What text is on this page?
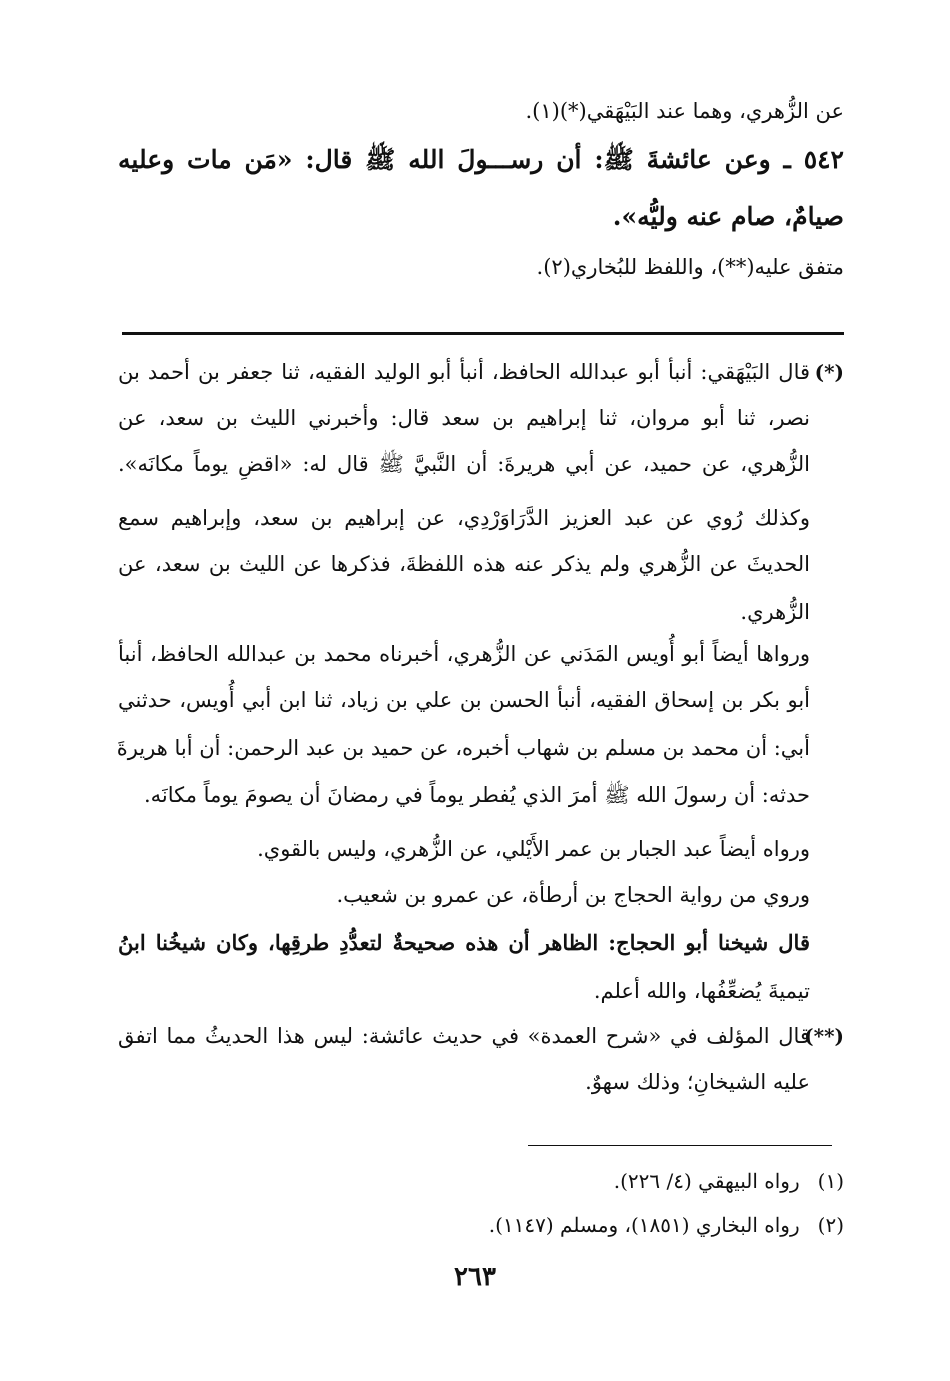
عن الزُّهري، وهما عند البَيْهَقي(*)(١).
٥٤٢ ـ وعن عائشةَ ﷺ: أن رســـولَ الله ﷺ قال: «مَن مات وعليه
صيامٌ، صام عنه وليُّه».
متفق عليه(**)، واللفظ للبُخاري(٢).
(*)
قال البَيْهَقي: أنبأ أبو عبدالله الحافظ، أنبأ أبو الوليد الفقيه، ثنا جعفر بن أحمد بن
نصر، ثنا أبو مروان، ثنا إبراهيم بن سعد قال: وأخبرني الليث بن سعد، عن
الزُّهري، عن حميد، عن أبي هريرةَ: أن النَّبيَّ ﷺ قال له: «اقضِ يوماً مكانَه».
وكذلك رُوي عن عبد العزيز الدَّرَاوَرْدِي، عن إبراهيم بن سعد، وإبراهيم سمع
الحديثَ عن الزُّهري ولم يذكر عنه هذه اللفظةَ، فذكرها عن الليث بن سعد، عن
الزُّهري.
ورواها أيضاً أبو أُويس المَدَني عن الزُّهري، أخبرناه محمد بن عبدالله الحافظ، أنبأ
أبو بكر بن إسحاق الفقيه، أنبأ الحسن بن علي بن زياد، ثنا ابن أبي أُويس، حدثني
أبي: أن محمد بن مسلم بن شهاب أخبره، عن حميد بن عبد الرحمن: أن أبا هريرةَ
حدثه: أن رسولَ الله ﷺ أمرَ الذي يُفطر يوماً في رمضانَ أن يصومَ يوماً مكانَه.
ورواه أيضاً عبد الجبار بن عمر الأَيْلي، عن الزُّهري، وليس بالقوي.
وروي من رواية الحجاج بن أرطأة، عن عمرو بن شعيب.
قال شيخنا أبو الحجاج: الظاهر أن هذه صحيحةٌ لتعدُّدِ طرقِها، وكان شيخُنا ابنُ
تيميةَ يُضعِّفُها، والله أعلم.
(**)
قال المؤلف في «شرح العمدة» في حديث عائشة: ليس هذا الحديثُ مما اتفق
عليه الشيخانِ؛ وذلك سهوٌ.
(١)رواه البيهقي (٤/ ٢٢٦).
(٢)رواه البخاري (١٨٥١)، ومسلم (١١٤٧).
٢٦٣
